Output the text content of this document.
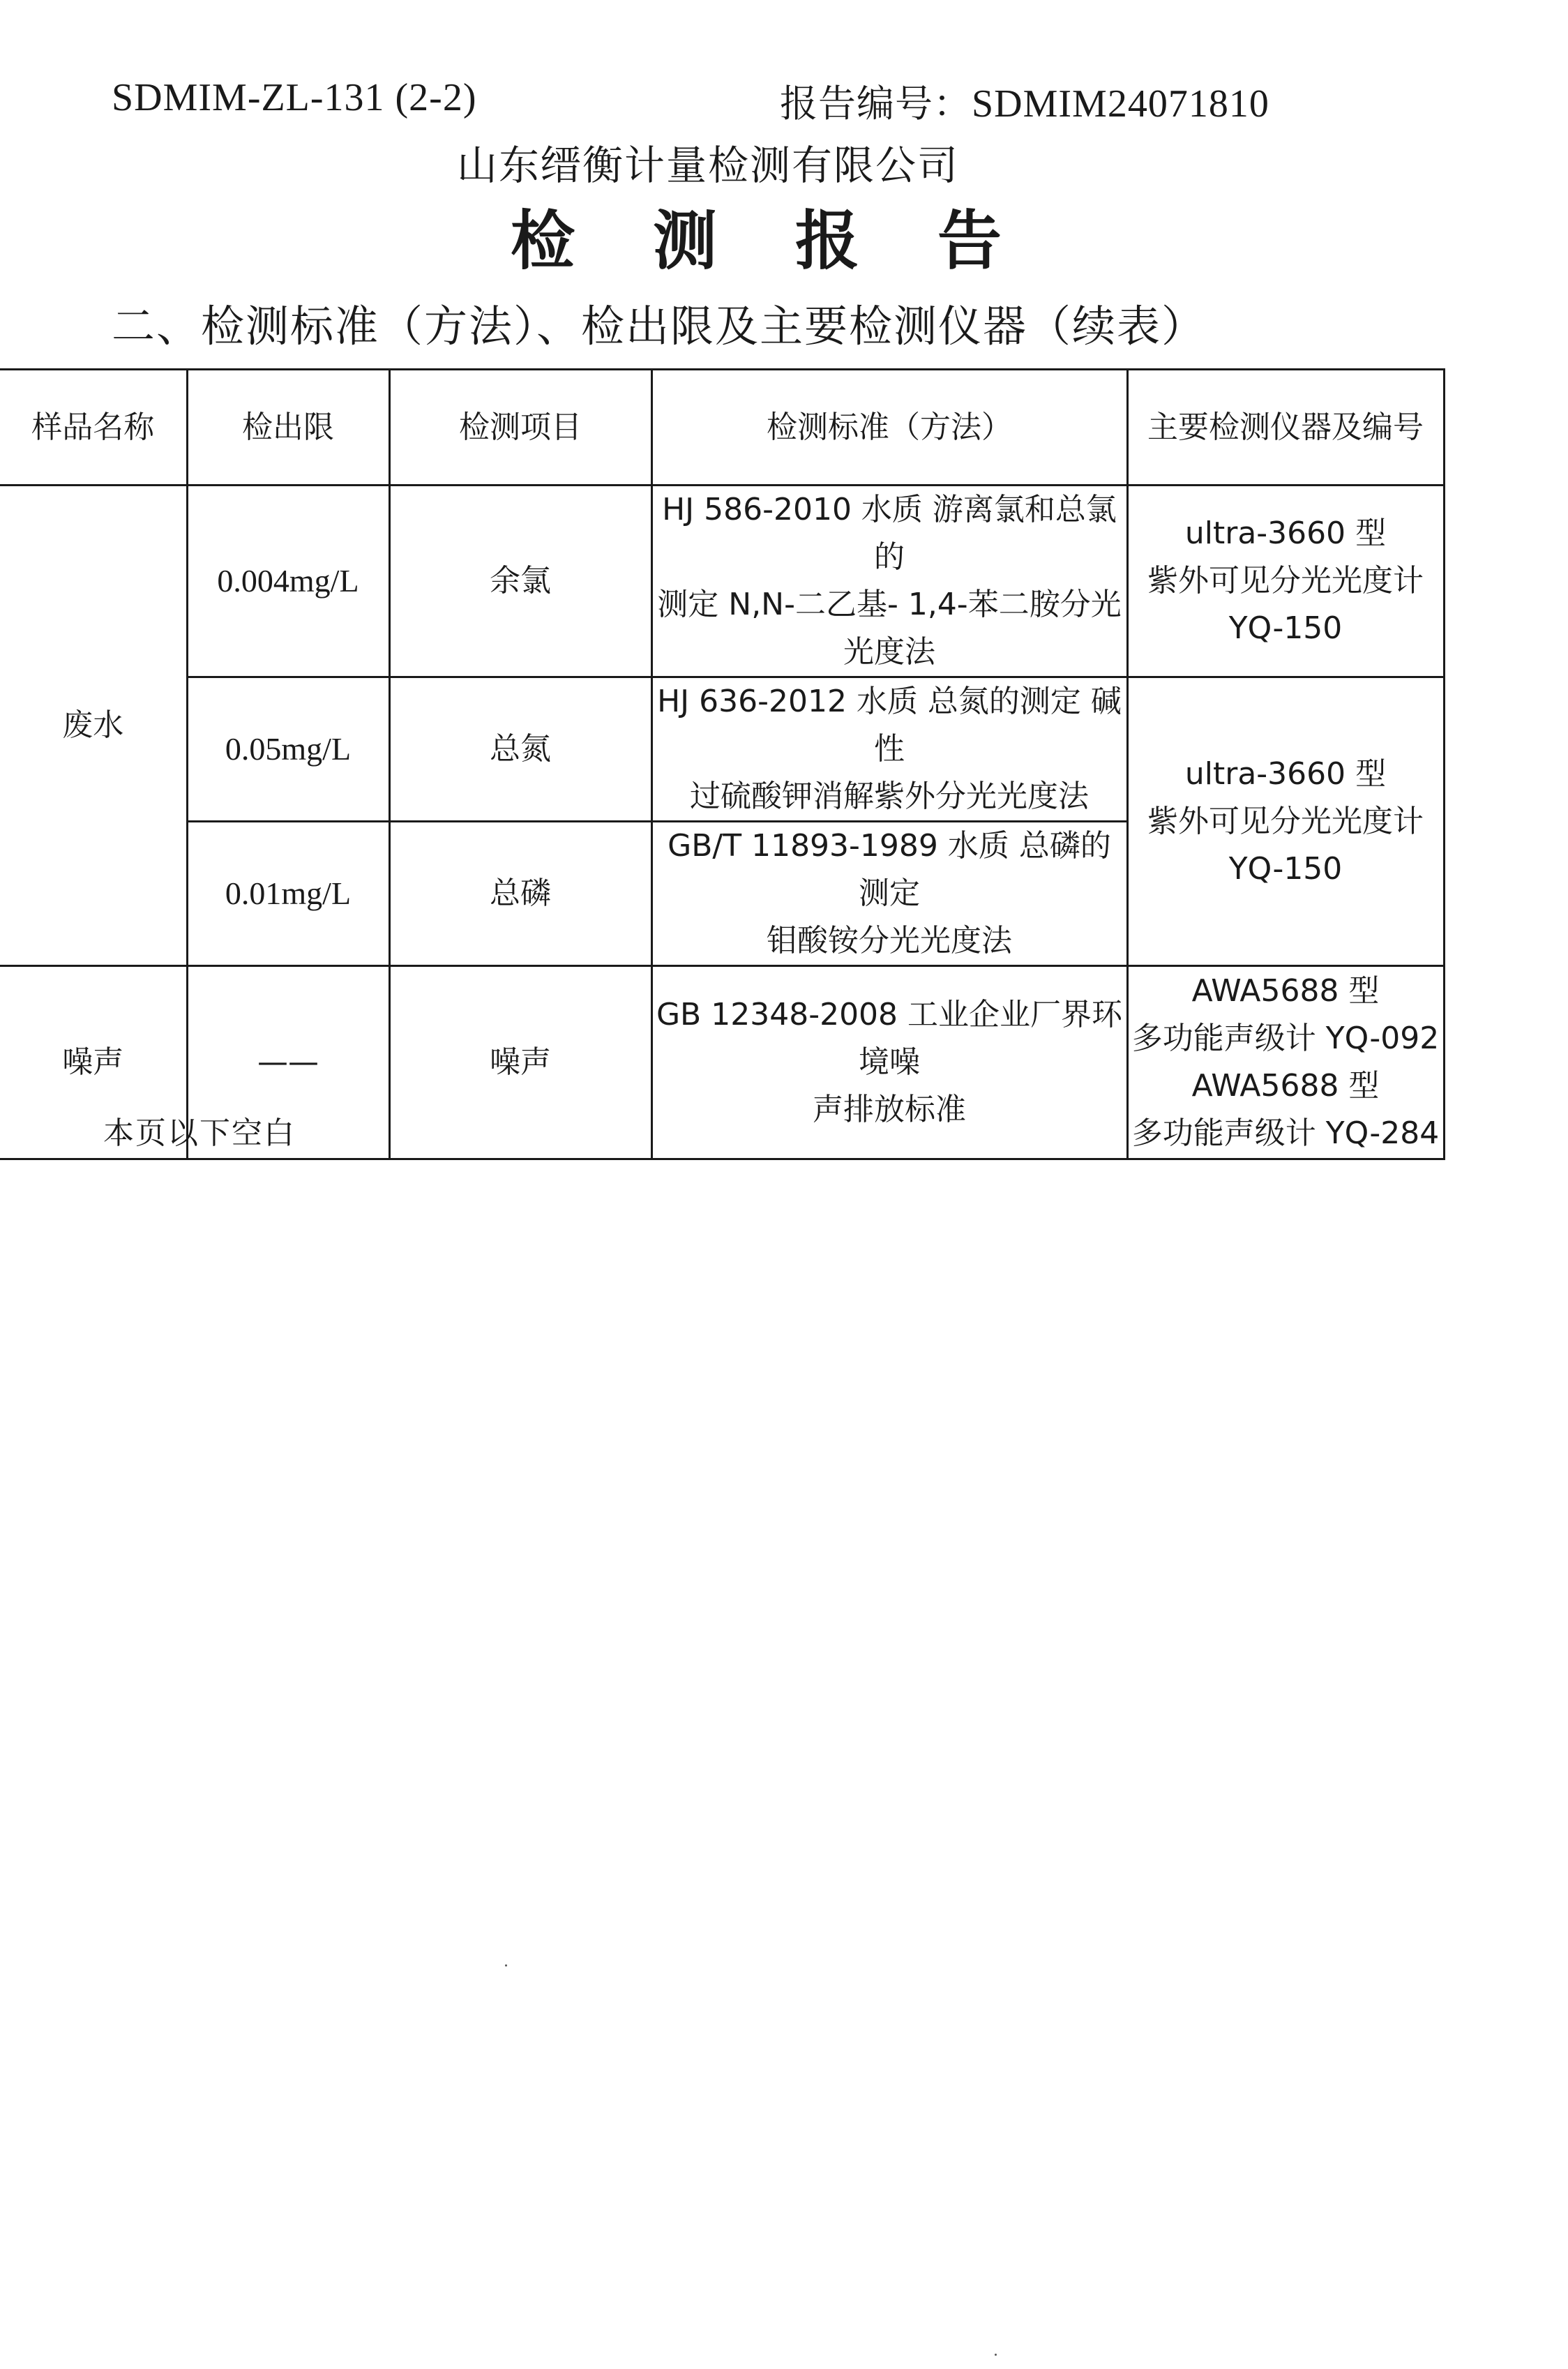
SDMIM-ZL-131 (2-2)	报告编号：SDMIM24071810
山东缙衡计量检测有限公司
检 测 报 告
二、检测标准（方法）、检出限及主要检测仪器（续表）
样品名称	检出限	检测项目	检测标准（方法）	主要检测仪器及编号
废水	0.004mg/L	余氯	HJ 586-2010 水质 游离氯和总氯的
测定 N,N-二乙基- 1,4-苯二胺分光
光度法	ultra-3660 型
紫外可见分光光度计
YQ-150

	0.05mg/L	总氮	HJ 636-2012 水质 总氮的测定 碱性
过硫酸钾消解紫外分光光度法	ultra-3660 型
紫外可见分光光度计
YQ-150

	0.01mg/L	总磷	GB/T 11893-1989 水质 总磷的测定
钼酸铵分光光度法	

噪声	——	噪声	GB 12348-2008 工业企业厂界环境噪
声排放标准	AWA5688 型
多功能声级计 YQ-092
AWA5688 型
多功能声级计 YQ-284
本页以下空白
